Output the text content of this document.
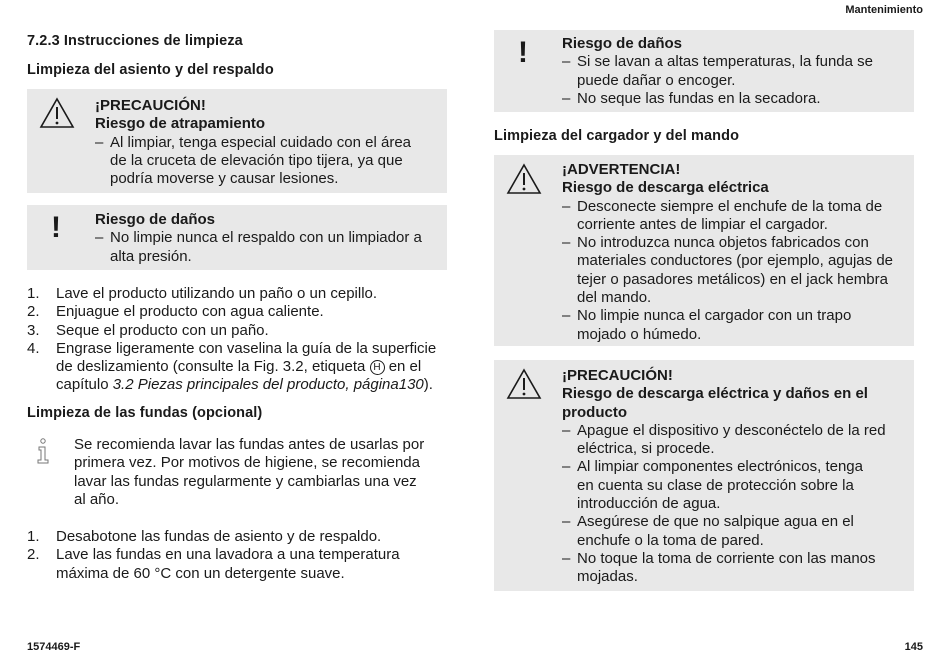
Mantenimiento
1574469-F	145
7.2.3 Instrucciones de limpieza
Limpieza del asiento y del respaldo
¡PRECAUCIÓN!
Riesgo de atrapamiento
– Al limpiar, tenga especial cuidado con el área
de la cruceta de elevación tipo tijera, ya que
podría moverse y causar lesiones.
! Riesgo de daños
– No limpie nunca el respaldo con un limpiador a
alta presión.
1. Lave el producto utilizando un paño o un cepillo.
2. Enjuague el producto con agua caliente.
3. Seque el producto con un paño.
4. Engrase ligeramente con vaselina la guía de la superficie
de deslizamiento (consulte la Fig. 3.2, etiqueta H en el
capítulo 3.2 Piezas principales del producto, página130).
Limpieza de las fundas (opcional)
Se recomienda lavar las fundas antes de usarlas por
primera vez. Por motivos de higiene, se recomienda
lavar las fundas regularmente y cambiarlas una vez
al año.
1. Desabotone las fundas de asiento y de respaldo.
2. Lave las fundas en una lavadora a una temperatura
máxima de 60 °C con un detergente suave.
! Riesgo de daños
– Si se lavan a altas temperaturas, la funda se
puede dañar o encoger.
– No seque las fundas en la secadora.
Limpieza del cargador y del mando
¡ADVERTENCIA!
Riesgo de descarga eléctrica
– Desconecte siempre el enchufe de la toma de
corriente antes de limpiar el cargador.
– No introduzca nunca objetos fabricados con
materiales conductores (por ejemplo, agujas de
tejer o pasadores metálicos) en el jack hembra
del mando.
– No limpie nunca el cargador con un trapo
mojado o húmedo.
¡PRECAUCIÓN!
Riesgo de descarga eléctrica y daños en el
producto
– Apague el dispositivo y desconéctelo de la red
eléctrica, si procede.
– Al limpiar componentes electrónicos, tenga
en cuenta su clase de protección sobre la
introducción de agua.
– Asegúrese de que no salpique agua en el
enchufe o la toma de pared.
– No toque la toma de corriente con las manos
mojadas.
